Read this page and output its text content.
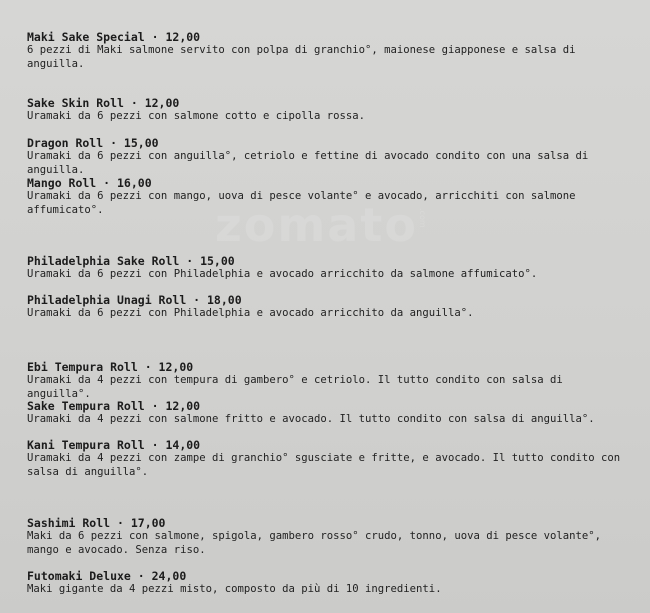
zomato .com
Maki Sake Special · 12,00
6 pezzi di Maki salmone servito con polpa di granchio°, maionese giapponese e salsa di anguilla.
Sake Skin Roll · 12,00
Uramaki da 6 pezzi con salmone cotto e cipolla rossa.
Dragon Roll · 15,00
Uramaki da 6 pezzi con anguilla°, cetriolo e fettine di avocado condito con una salsa di anguilla.
Mango Roll · 16,00
Uramaki da 6 pezzi con mango, uova di pesce volante° e avocado, arricchiti con salmone affumicato°.
Philadelphia Sake Roll · 15,00
Uramaki da 6 pezzi con Philadelphia e avocado arricchito da salmone affumicato°.
Philadelphia Unagi Roll · 18,00
Uramaki da 6 pezzi con Philadelphia e avocado arricchito da anguilla°.
Ebi Tempura Roll · 12,00
Uramaki da 4 pezzi con tempura di gambero° e cetriolo. Il tutto condito con salsa di anguilla°.
Sake Tempura Roll · 12,00
Uramaki da 4 pezzi con salmone fritto e avocado. Il tutto condito con salsa di anguilla°.
Kani Tempura Roll · 14,00
Uramaki da 4 pezzi con zampe di granchio° sgusciate e fritte, e avocado. Il tutto condito con salsa di anguilla°.
Sashimi Roll · 17,00
Maki da 6 pezzi con salmone, spigola, gambero rosso° crudo, tonno, uova di pesce volante°, mango e avocado. Senza riso.
Futomaki Deluxe · 24,00
Maki gigante da 4 pezzi misto, composto da più di 10 ingredienti.
